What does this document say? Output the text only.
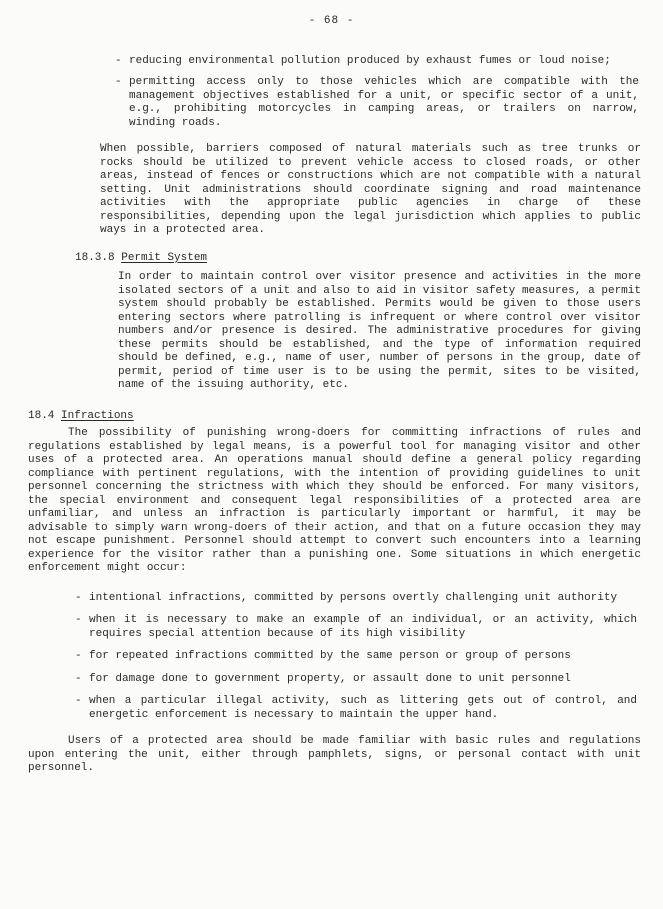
- 68 -
- reducing environmental pollution produced by exhaust fumes or loud noise;
- permitting access only to those vehicles which are compatible with the management objectives established for a unit, or specific sector of a unit, e.g., prohibiting motorcycles in camping areas, or trailers on narrow, winding roads.
When possible, barriers composed of natural materials such as tree trunks or rocks should be utilized to prevent vehicle access to closed roads, or other areas, instead of fences or constructions which are not compatible with a natural setting. Unit administrations should coordinate signing and road maintenance activities with the appropriate public agencies in charge of these responsibilities, depending upon the legal jurisdiction which applies to public ways in a protected area.
18.3.8 Permit System
In order to maintain control over visitor presence and activities in the more isolated sectors of a unit and also to aid in visitor safety measures, a permit system should probably be established. Permits would be given to those users entering sectors where patrolling is infrequent or where control over visitor numbers and/or presence is desired. The administrative procedures for giving these permits should be established, and the type of information required should be defined, e.g., name of user, number of persons in the group, date of permit, period of time user is to be using the permit, sites to be visited, name of the issuing authority, etc.
18.4 Infractions
The possibility of punishing wrong-doers for committing infractions of rules and regulations established by legal means, is a powerful tool for managing visitor and other uses of a protected area. An operations manual should define a general policy regarding compliance with pertinent regulations, with the intention of providing guidelines to unit personnel concerning the strictness with which they should be enforced. For many visitors, the special environment and consequent legal responsibilities of a protected area are unfamiliar, and unless an infraction is particularly important or harmful, it may be advisable to simply warn wrong-doers of their action, and that on a future occasion they may not escape punishment. Personnel should attempt to convert such encounters into a learning experience for the visitor rather than a punishing one. Some situations in which energetic enforcement might occur:
- intentional infractions, committed by persons overtly challenging unit authority
- when it is necessary to make an example of an individual, or an activity, which requires special attention because of its high visibility
- for repeated infractions committed by the same person or group of persons
- for damage done to government property, or assault done to unit personnel
- when a particular illegal activity, such as littering gets out of control, and energetic enforcement is necessary to maintain the upper hand.
Users of a protected area should be made familiar with basic rules and regulations upon entering the unit, either through pamphlets, signs, or personal contact with unit personnel.
